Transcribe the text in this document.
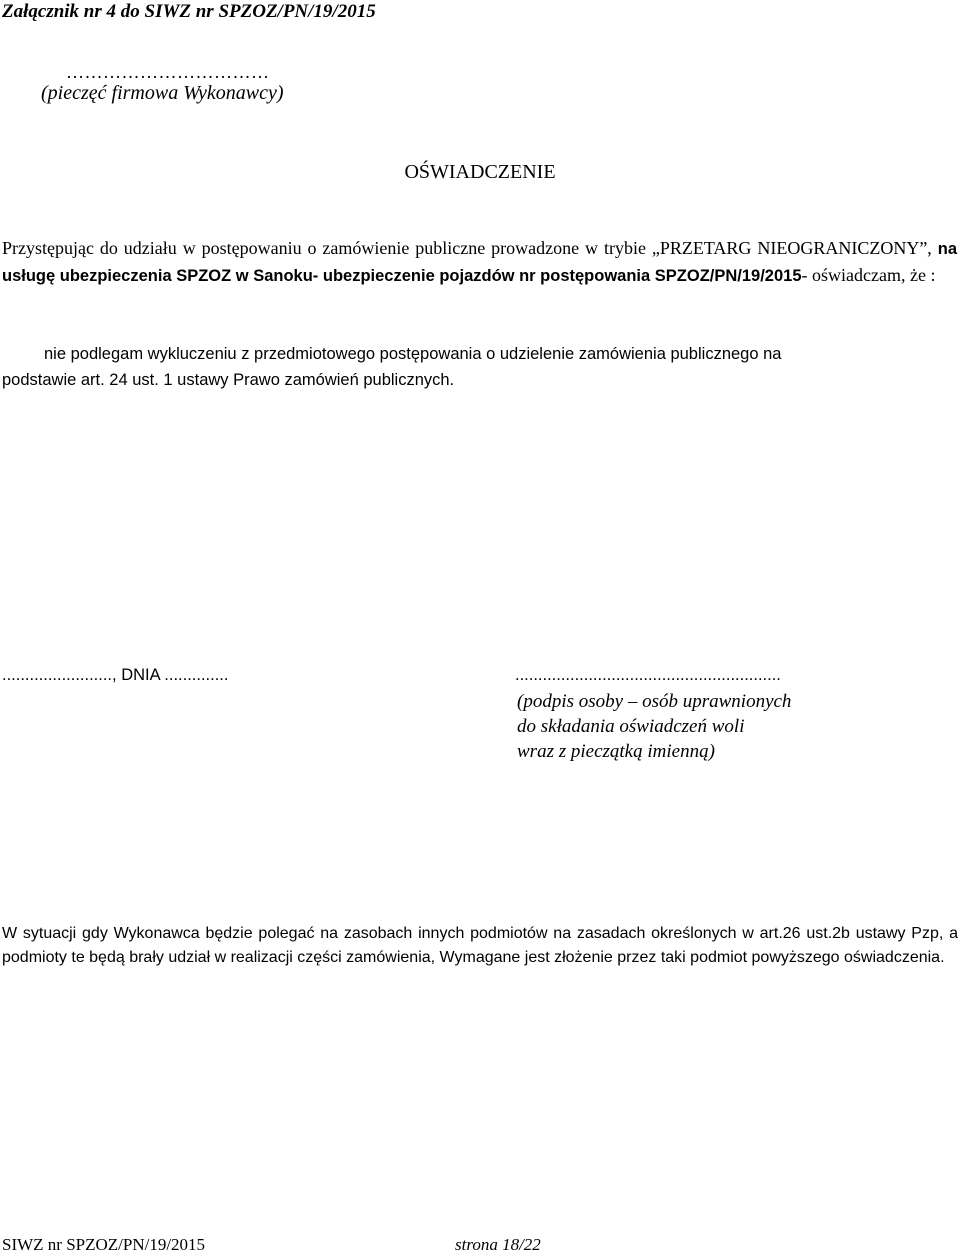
Załącznik nr 4 do SIWZ nr SPZOZ/PN/19/2015
……………………………
(pieczęć firmowa Wykonawcy)
OŚWIADCZENIE
Przystępując do udziału w postępowaniu o zamówienie publiczne prowadzone w trybie „PRZETARG NIEOGRANICZONY”, na usługę ubezpieczenia SPZOZ w Sanoku- ubezpieczenie pojazdów nr postępowania SPZOZ/PN/19/2015- oświadczam, że :
nie podlegam wykluczeniu z przedmiotowego postępowania o udzielenie zamówienia publicznego na
podstawie art. 24 ust. 1 ustawy Prawo zamówień publicznych.
........................, DNIA ..............	..........................................................
(podpis osoby – osób uprawnionych
do składania oświadczeń woli
wraz z pieczątką imienną)
W sytuacji gdy Wykonawca będzie polegać na zasobach innych podmiotów na zasadach określonych w art.26 ust.2b ustawy Pzp, a podmioty te będą brały udział w realizacji części zamówienia, Wymagane jest złożenie przez taki podmiot powyższego oświadczenia.
SIWZ nr SPZOZ/PN/19/2015	strona 18/22
